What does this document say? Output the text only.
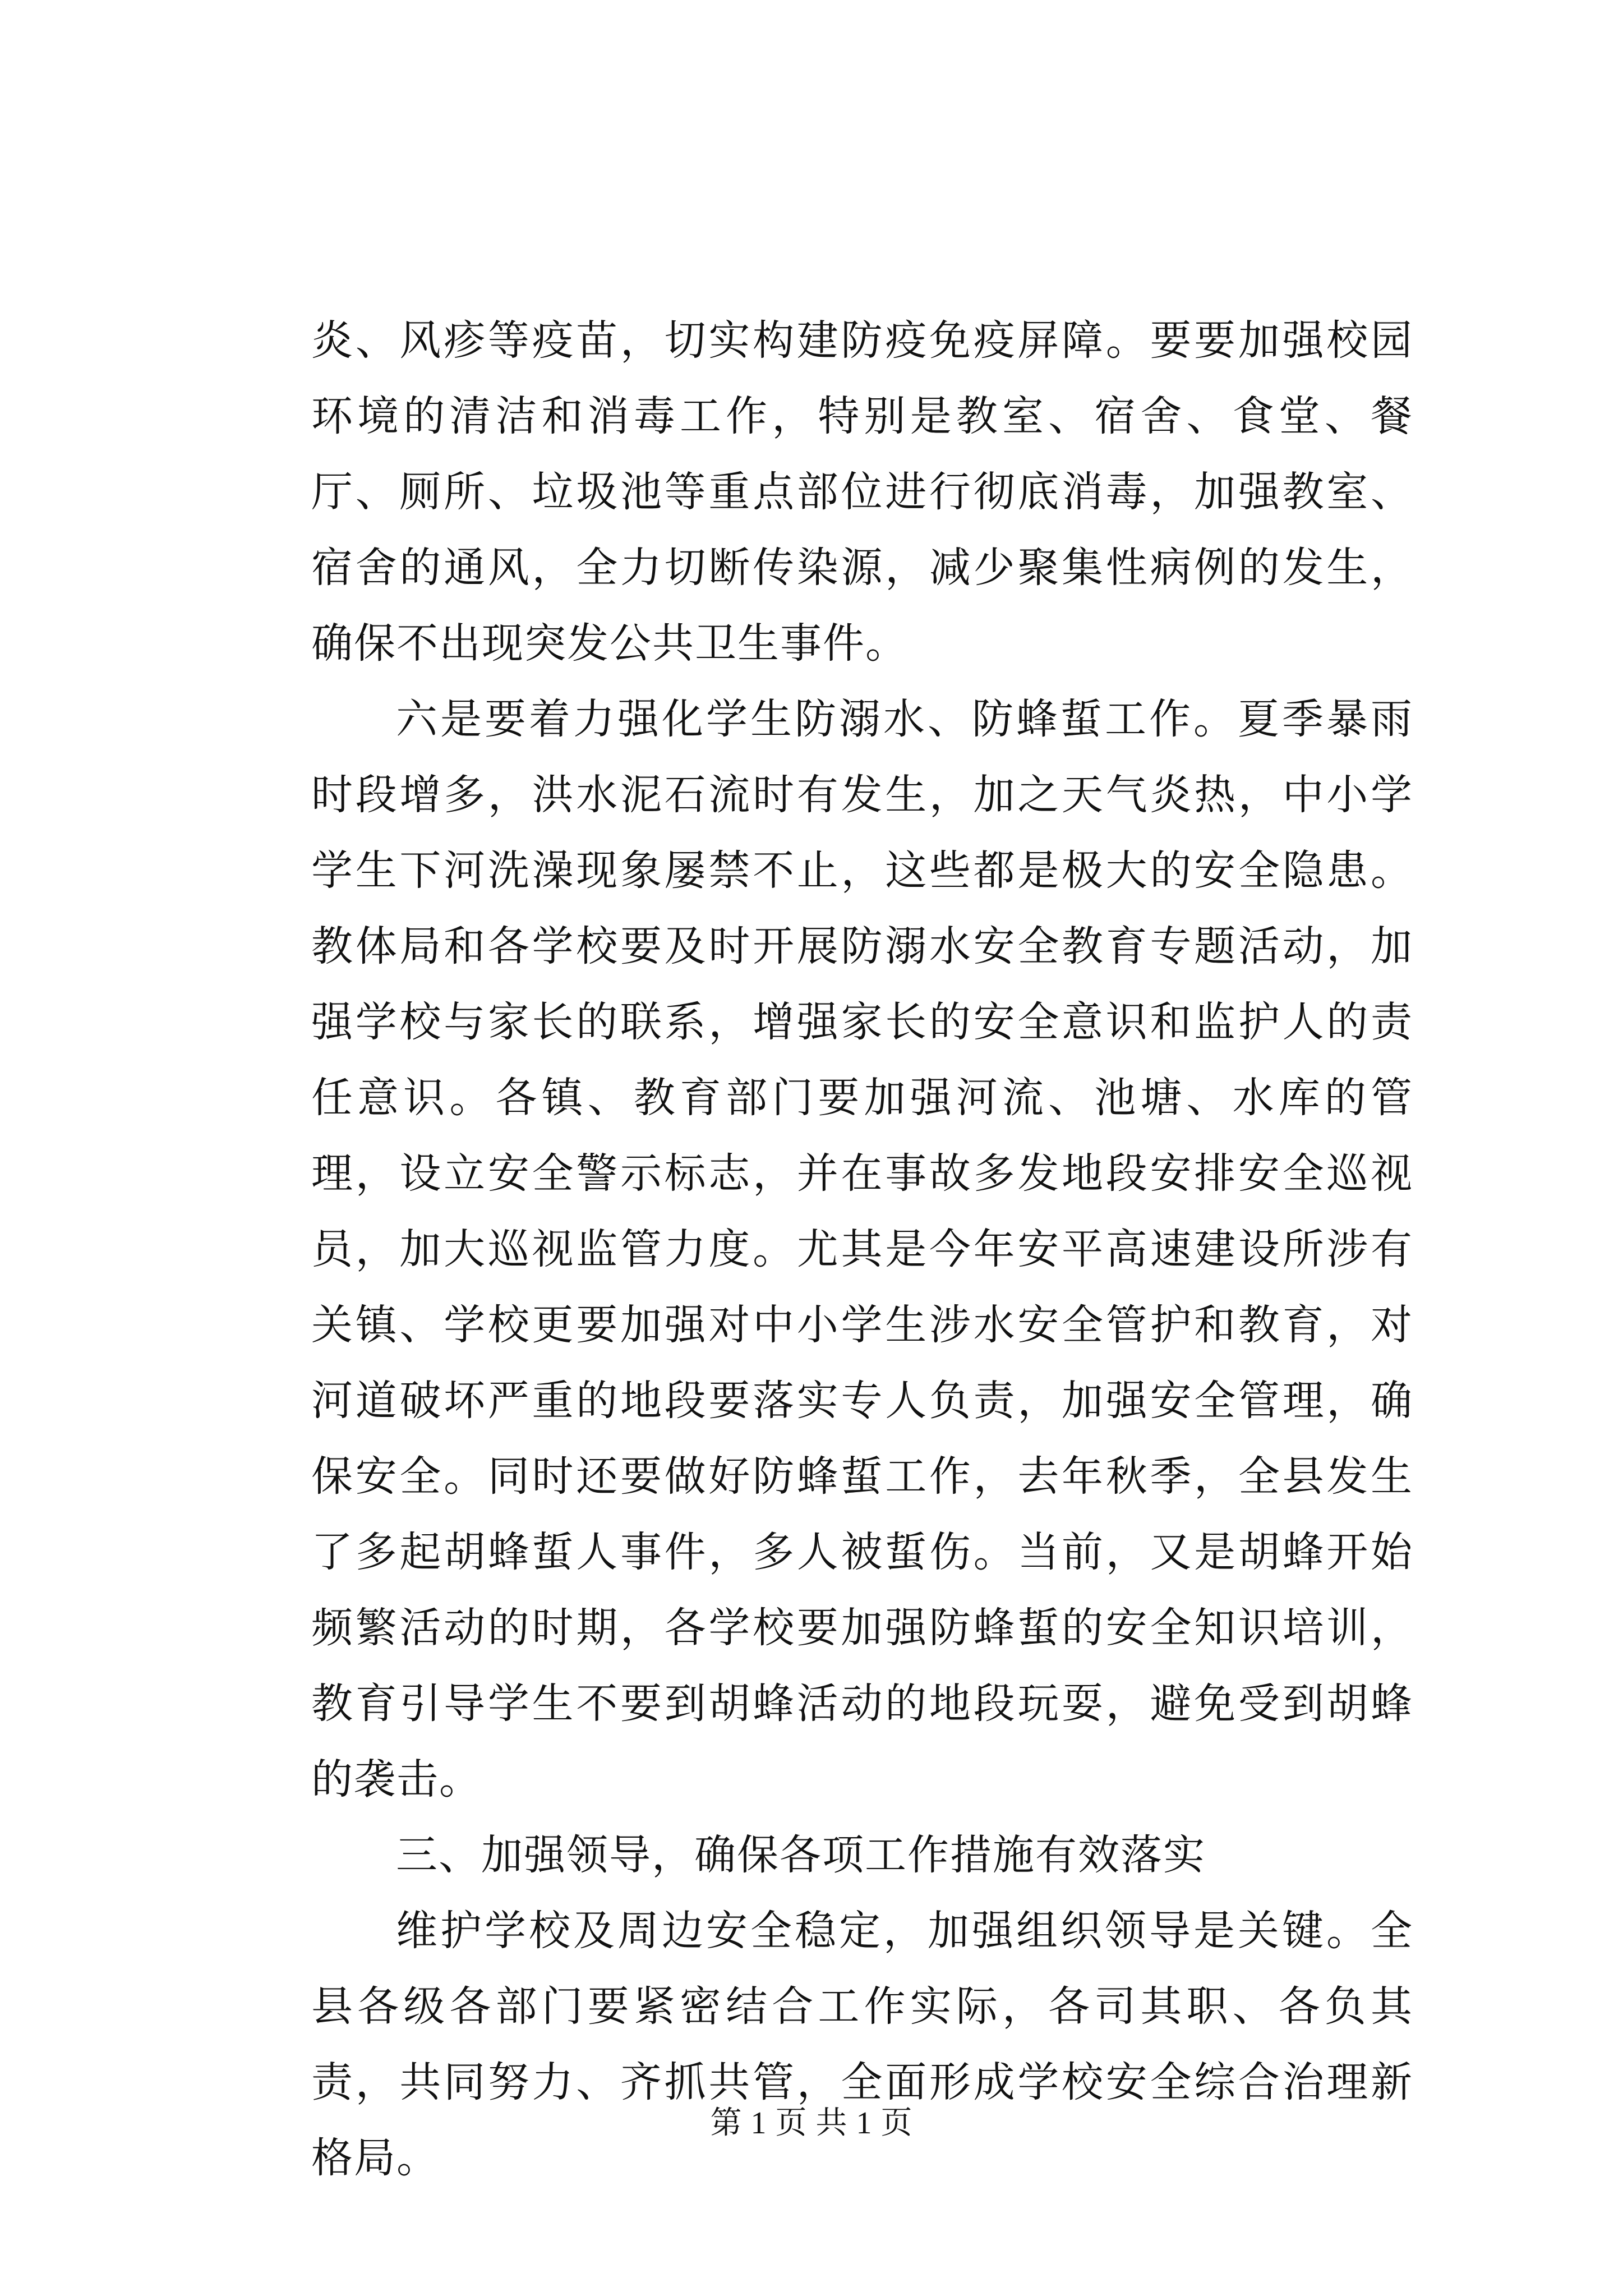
炎、风疹等疫苗，切实构建防疫免疫屏障。要要加强校园环境的清洁和消毒工作，特别是教室、宿舍、食堂、餐厅、厕所、垃圾池等重点部位进行彻底消毒，加强教室、宿舍的通风，全力切断传染源，减少聚集性病例的发生，确保不出现突发公共卫生事件。

六是要着力强化学生防溺水、防蜂蜇工作。夏季暴雨时段增多，洪水泥石流时有发生，加之天气炎热，中小学学生下河洗澡现象屡禁不止，这些都是极大的安全隐患。教体局和各学校要及时开展防溺水安全教育专题活动，加强学校与家长的联系，增强家长的安全意识和监护人的责任意识。各镇、教育部门要加强河流、池塘、水库的管理，设立安全警示标志，并在事故多发地段安排安全巡视员，加大巡视监管力度。尤其是今年安平高速建设所涉有关镇、学校更要加强对中小学生涉水安全管护和教育，对河道破坏严重的地段要落实专人负责，加强安全管理，确保安全。同时还要做好防蜂蜇工作，去年秋季，全县发生了多起胡蜂蜇人事件，多人被蜇伤。当前，又是胡蜂开始频繁活动的时期，各学校要加强防蜂蜇的安全知识培训，教育引导学生不要到胡蜂活动的地段玩耍，避免受到胡蜂的袭击。

三、加强领导，确保各项工作措施有效落实

维护学校及周边安全稳定，加强组织领导是关键。全县各级各部门要紧密结合工作实际，各司其职、各负其责，共同努力、齐抓共管，全面形成学校安全综合治理新格局。

第 1 页 共 1 页
